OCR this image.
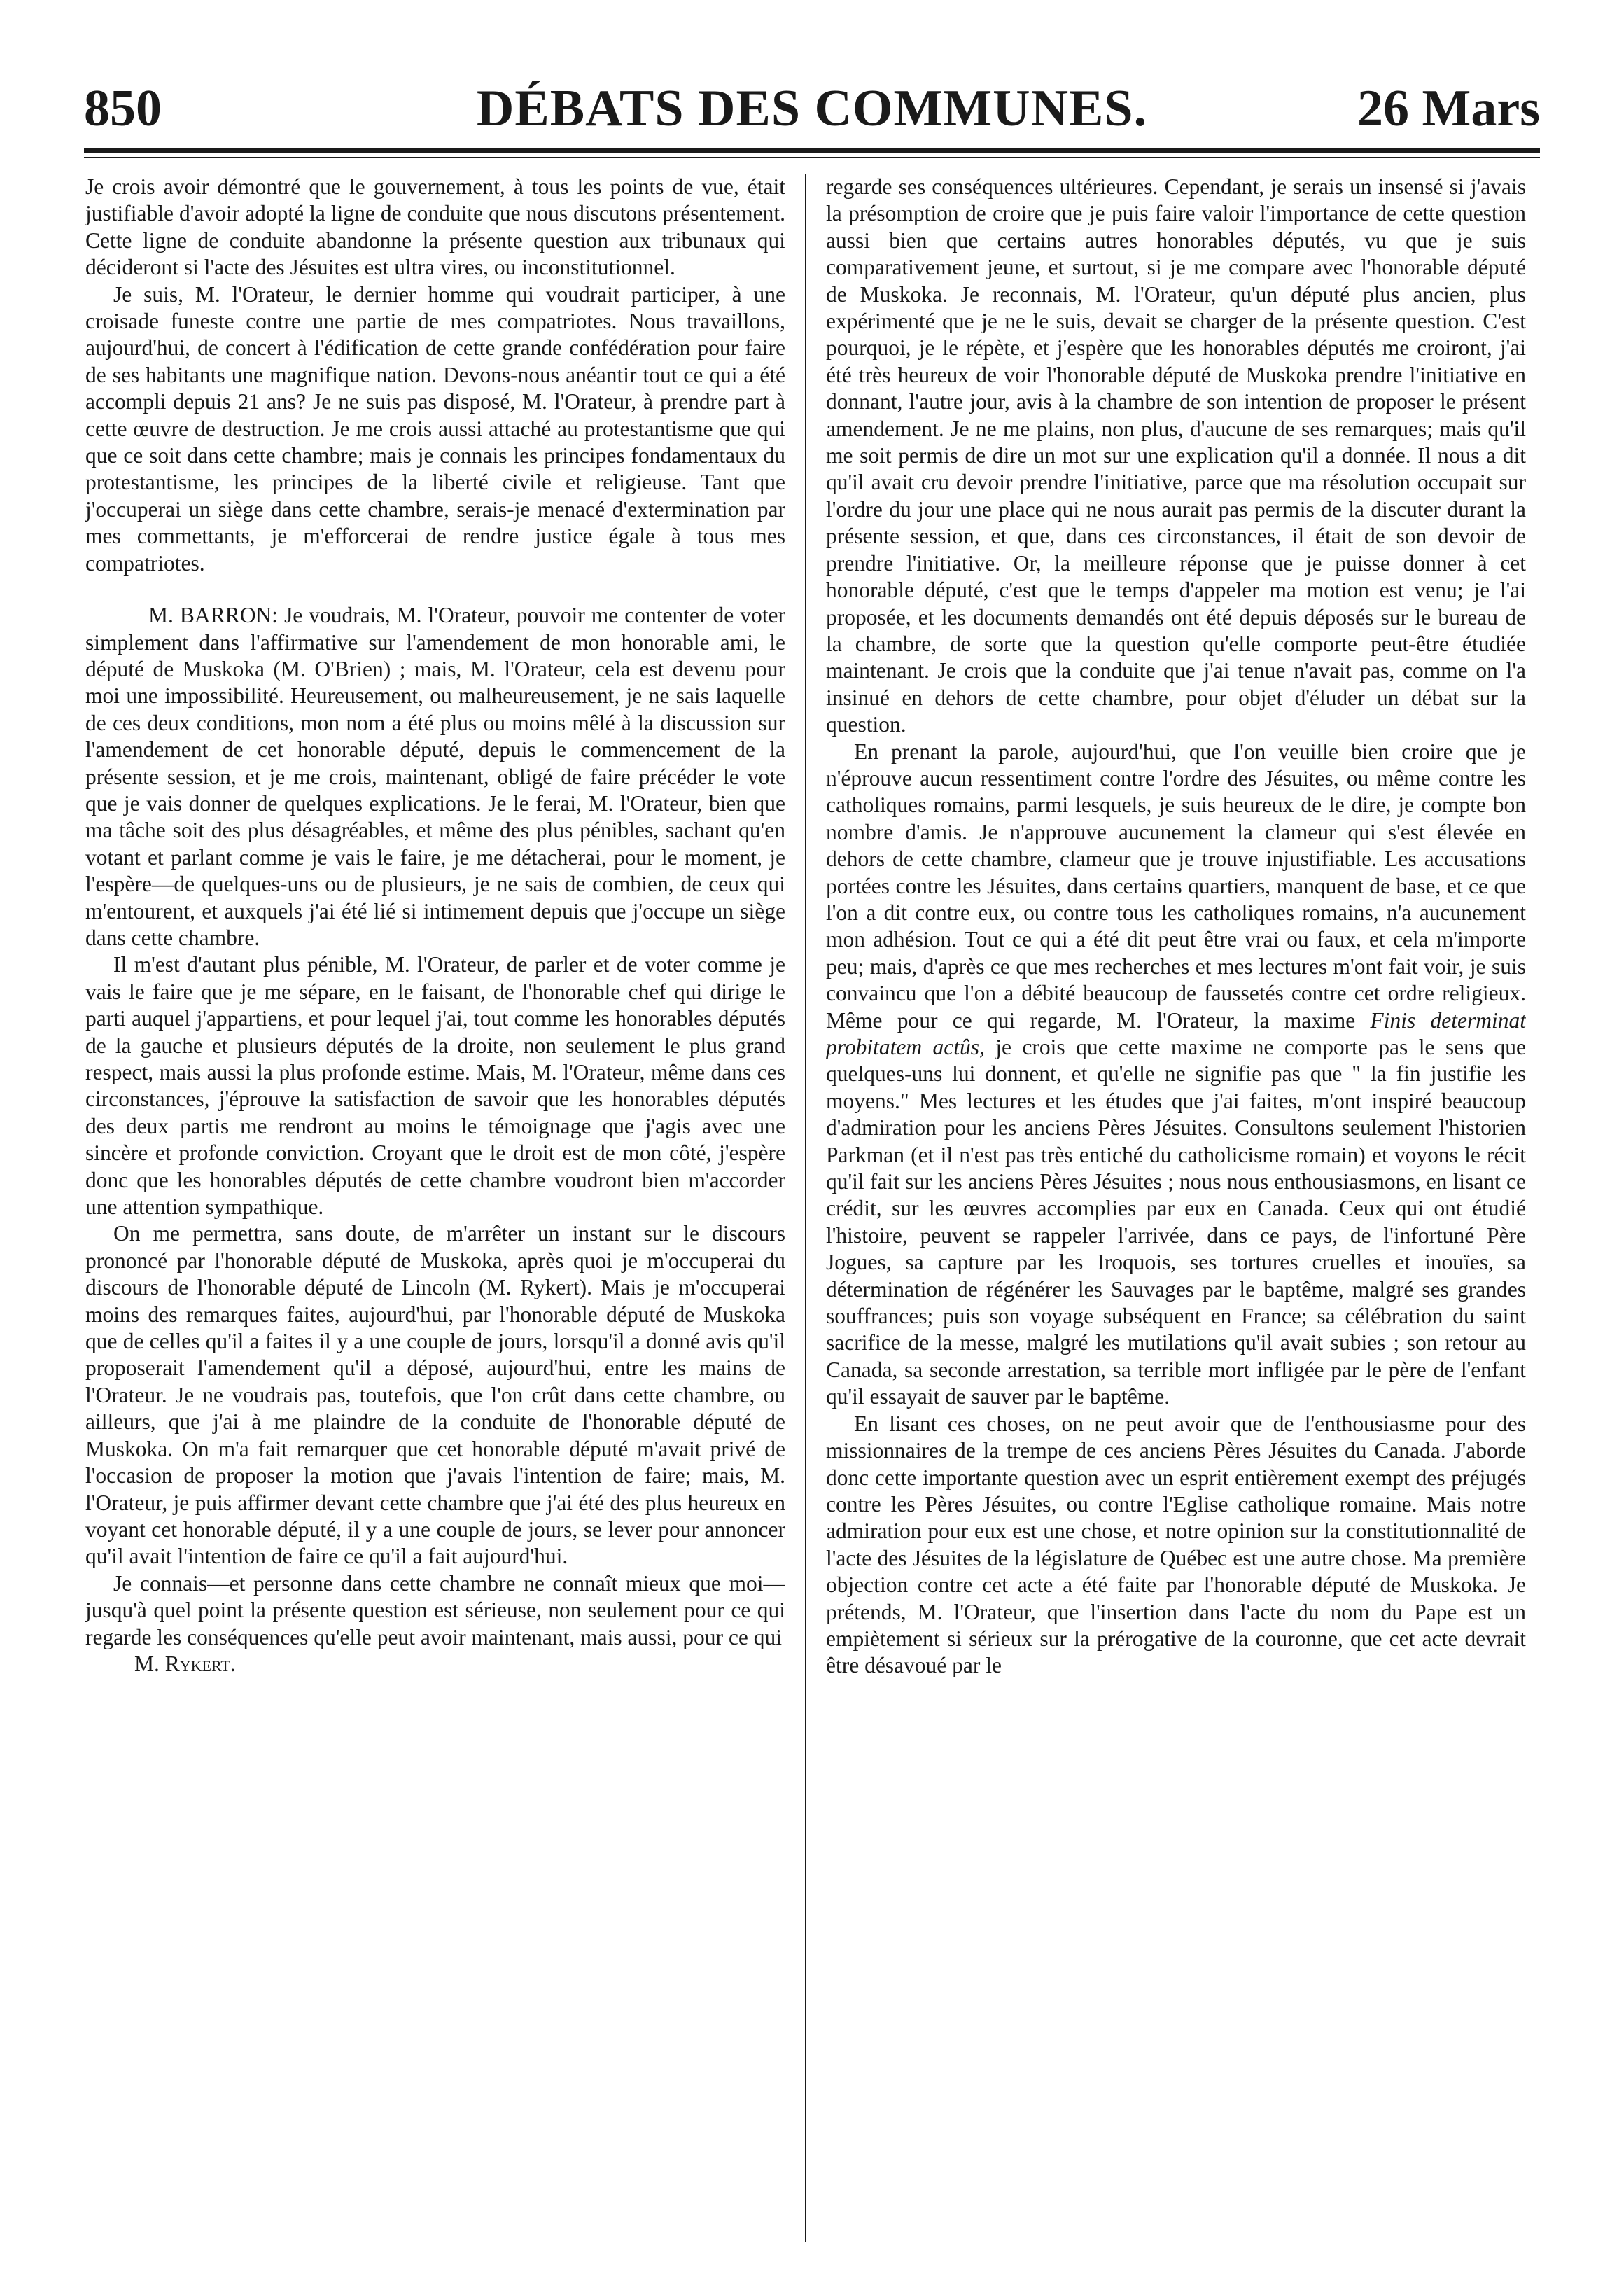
850	DÉBATS DES COMMUNES.	26 Mars

Je crois avoir démontré que le gouvernement, à tous les points de vue, était justifiable d'avoir adopté la ligne de conduite que nous discutons présentement. Cette ligne de conduite abandonne la présente question aux tribunaux qui décideront si l'acte des Jésuites est ultra vires, ou inconstitutionnel.

Je suis, M. l'Orateur, le dernier homme qui voudrait participer, à une croisade funeste contre une partie de mes compatriotes. Nous travaillons, aujourd'hui, de concert à l'édification de cette grande confédération pour faire de ses habitants une magnifique nation. Devons-nous anéantir tout ce qui a été accompli depuis 21 ans? Je ne suis pas disposé, M. l'Orateur, à prendre part à cette œuvre de destruction. Je me crois aussi attaché au protestantisme que qui que ce soit dans cette chambre; mais je connais les principes fondamentaux du protestantisme, les principes de la liberté civile et religieuse. Tant que j'occuperai un siège dans cette chambre, serais-je menacé d'extermination par mes commettants, je m'efforcerai de rendre justice égale à tous mes compatriotes.

M. BARRON: Je voudrais, M. l'Orateur, pouvoir me contenter de voter simplement dans l'affirmative sur l'amendement de mon honorable ami, le député de Muskoka (M. O'Brien) ; mais, M. l'Orateur, cela est devenu pour moi une impossibilité. Heureusement, ou malheureusement, je ne sais laquelle de ces deux conditions, mon nom a été plus ou moins mêlé à la discussion sur l'amendement de cet honorable député, depuis le commencement de la présente session, et je me crois, maintenant, obligé de faire précéder le vote que je vais donner de quelques explications. Je le ferai, M. l'Orateur, bien que ma tâche soit des plus désagréables, et même des plus pénibles, sachant qu'en votant et parlant comme je vais le faire, je me détacherai, pour le moment, je l'espère—de quelques-uns ou de plusieurs, je ne sais de combien, de ceux qui m'entourent, et auxquels j'ai été lié si intimement depuis que j'occupe un siège dans cette chambre.

Il m'est d'autant plus pénible, M. l'Orateur, de parler et de voter comme je vais le faire que je me sépare, en le faisant, de l'honorable chef qui dirige le parti auquel j'appartiens, et pour lequel j'ai, tout comme les honorables députés de la gauche et plusieurs députés de la droite, non seulement le plus grand respect, mais aussi la plus profonde estime. Mais, M. l'Orateur, même dans ces circonstances, j'éprouve la satisfaction de savoir que les honorables députés des deux partis me rendront au moins le témoignage que j'agis avec une sincère et profonde conviction. Croyant que le droit est de mon côté, j'espère donc que les honorables députés de cette chambre voudront bien m'accorder une attention sympathique.

On me permettra, sans doute, de m'arrêter un instant sur le discours prononcé par l'honorable député de Muskoka, après quoi je m'occuperai du discours de l'honorable député de Lincoln (M. Rykert). Mais je m'occuperai moins des remarques faites, aujourd'hui, par l'honorable député de Muskoka que de celles qu'il a faites il y a une couple de jours, lorsqu'il a donné avis qu'il proposerait l'amendement qu'il a déposé, aujourd'hui, entre les mains de l'Orateur. Je ne voudrais pas, toutefois, que l'on crût dans cette chambre, ou ailleurs, que j'ai à me plaindre de la conduite de l'honorable député de Muskoka. On m'a fait remarquer que cet honorable député m'avait privé de l'occasion de proposer la motion que j'avais l'intention de faire; mais, M. l'Orateur, je puis affirmer devant cette chambre que j'ai été des plus heureux en voyant cet honorable député, il y a une couple de jours, se lever pour annoncer qu'il avait l'intention de faire ce qu'il a fait aujourd'hui.

Je connais—et personne dans cette chambre ne connaît mieux que moi—jusqu'à quel point la présente question est sérieuse, non seulement pour ce qui regarde les conséquences qu'elle peut avoir maintenant, mais aussi, pour ce qui

M. Rykert.

regarde ses conséquences ultérieures. Cependant, je serais un insensé si j'avais la présomption de croire que je puis faire valoir l'importance de cette question aussi bien que certains autres honorables députés, vu que je suis comparativement jeune, et surtout, si je me compare avec l'honorable député de Muskoka. Je reconnais, M. l'Orateur, qu'un député plus ancien, plus expérimenté que je ne le suis, devait se charger de la présente question. C'est pourquoi, je le répète, et j'espère que les honorables députés me croiront, j'ai été très heureux de voir l'honorable député de Muskoka prendre l'initiative en donnant, l'autre jour, avis à la chambre de son intention de proposer le présent amendement. Je ne me plains, non plus, d'aucune de ses remarques; mais qu'il me soit permis de dire un mot sur une explication qu'il a donnée. Il nous a dit qu'il avait cru devoir prendre l'initiative, parce que ma résolution occupait sur l'ordre du jour une place qui ne nous aurait pas permis de la discuter durant la présente session, et que, dans ces circonstances, il était de son devoir de prendre l'initiative. Or, la meilleure réponse que je puisse donner à cet honorable député, c'est que le temps d'appeler ma motion est venu; je l'ai proposée, et les documents demandés ont été depuis déposés sur le bureau de la chambre, de sorte que la question qu'elle comporte peut-être étudiée maintenant. Je crois que la conduite que j'ai tenue n'avait pas, comme on l'a insinué en dehors de cette chambre, pour objet d'éluder un débat sur la question.

En prenant la parole, aujourd'hui, que l'on veuille bien croire que je n'éprouve aucun ressentiment contre l'ordre des Jésuites, ou même contre les catholiques romains, parmi lesquels, je suis heureux de le dire, je compte bon nombre d'amis. Je n'approuve aucunement la clameur qui s'est élevée en dehors de cette chambre, clameur que je trouve injustifiable. Les accusations portées contre les Jésuites, dans certains quartiers, manquent de base, et ce que l'on a dit contre eux, ou contre tous les catholiques romains, n'a aucunement mon adhésion. Tout ce qui a été dit peut être vrai ou faux, et cela m'importe peu; mais, d'après ce que mes recherches et mes lectures m'ont fait voir, je suis convaincu que l'on a débité beaucoup de faussetés contre cet ordre religieux. Même pour ce qui regarde, M. l'Orateur, la maxime Finis determinat probitatem actûs, je crois que cette maxime ne comporte pas le sens que quelques-uns lui donnent, et qu'elle ne signifie pas que " la fin justifie les moyens." Mes lectures et les études que j'ai faites, m'ont inspiré beaucoup d'admiration pour les anciens Pères Jésuites. Consultons seulement l'historien Parkman (et il n'est pas très entiché du catholicisme romain) et voyons le récit qu'il fait sur les anciens Pères Jésuites ; nous nous enthousiasmons, en lisant ce crédit, sur les œuvres accomplies par eux en Canada. Ceux qui ont étudié l'histoire, peuvent se rappeler l'arrivée, dans ce pays, de l'infortuné Père Jogues, sa capture par les Iroquois, ses tortures cruelles et inouïes, sa détermination de régénérer les Sauvages par le baptême, malgré ses grandes souffrances; puis son voyage subséquent en France; sa célébration du saint sacrifice de la messe, malgré les mutilations qu'il avait subies ; son retour au Canada, sa seconde arrestation, sa terrible mort infligée par le père de l'enfant qu'il essayait de sauver par le baptême.

En lisant ces choses, on ne peut avoir que de l'enthousiasme pour des missionnaires de la trempe de ces anciens Pères Jésuites du Canada. J'aborde donc cette importante question avec un esprit entièrement exempt des préjugés contre les Pères Jésuites, ou contre l'Eglise catholique romaine. Mais notre admiration pour eux est une chose, et notre opinion sur la constitutionnalité de l'acte des Jésuites de la législature de Québec est une autre chose. Ma première objection contre cet acte a été faite par l'honorable député de Muskoka. Je prétends, M. l'Orateur, que l'insertion dans l'acte du nom du Pape est un empiètement si sérieux sur la prérogative de la couronne, que cet acte devrait être désavoué par le
